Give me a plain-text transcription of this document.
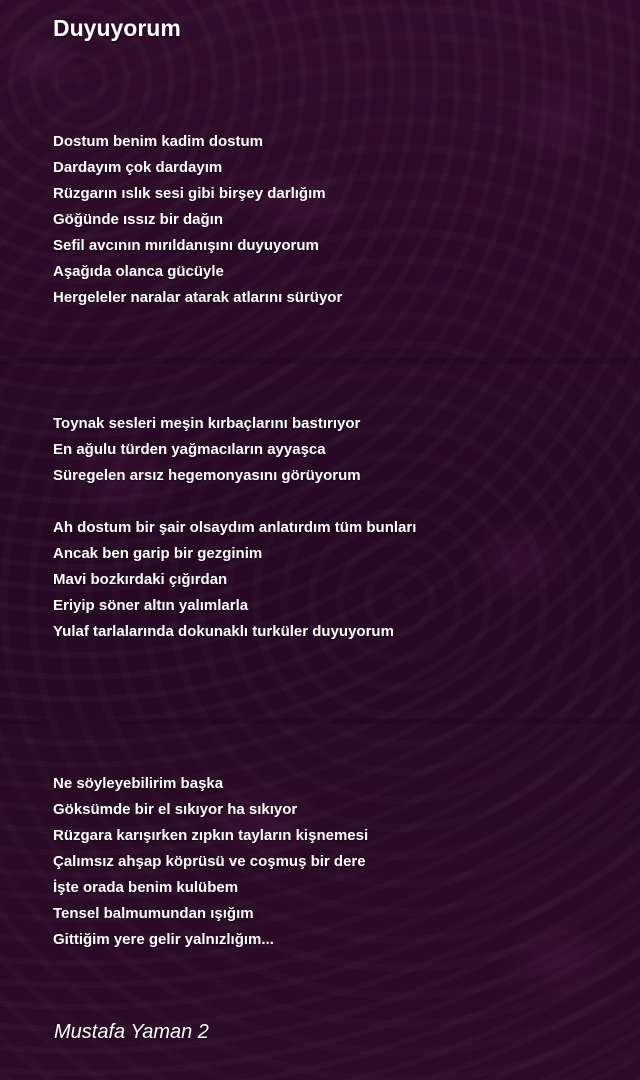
Duyuyorum
Dostum benim kadim dostum
Dardayım çok dardayım
Rüzgarın ıslık sesi gibi birşey darlığım
Göğünde ıssız bir dağın
Sefil avcının mırıldanışını duyuyorum
Aşağıda olanca gücüyle
Hergeleler naralar atarak atlarını sürüyor
Toynak sesleri meşin kırbaçlarını bastırıyor
En ağulu türden yağmacıların ayyaşca
Süregelen arsız hegemonyasını görüyorum
Ah dostum bir şair olsaydım anlatırdım tüm bunları
Ancak ben garip bir gezginim
Mavi bozkırdaki çığırdan
Eriyip söner altın yalımlarla
Yulaf tarlalarında dokunaklı turküler duyuyorum
Ne söyleyebilirim başka
Göksümde bir el sıkıyor ha sıkıyor
Rüzgara karışırken zıpkın tayların kişnemesi
Çalımsız ahşap köprüsü ve coşmuş bir dere
İşte orada benim kulübem
Tensel balmumundan ışığım
Gittiğim yere gelir yalnızlığım...
Mustafa Yaman 2
